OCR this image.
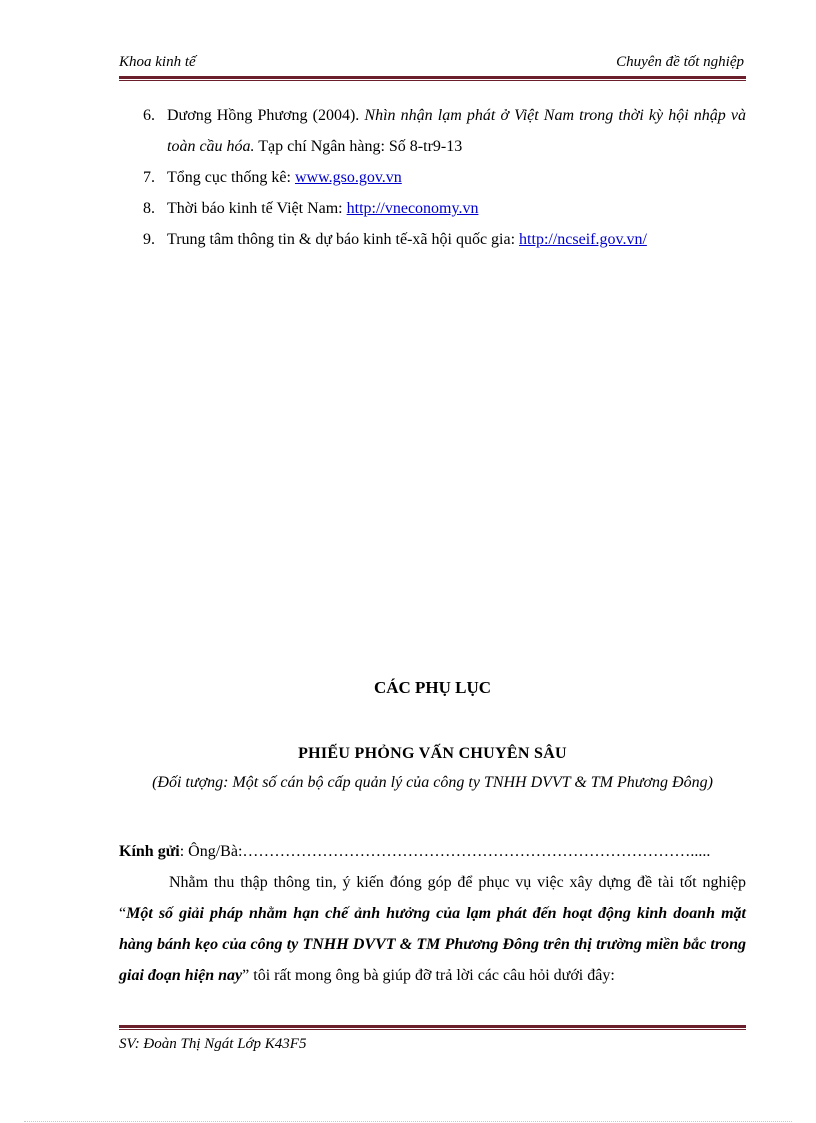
Khoa kinh tế	Chuyên đề tốt nghiệp
6. Dương Hồng Phương (2004). Nhìn nhận lạm phát ở Việt Nam trong thời kỳ hội nhập và toàn cầu hóa. Tạp chí Ngân hàng: Số 8-tr9-13
7. Tổng cục thống kê: www.gso.gov.vn
8. Thời báo kinh tế Việt Nam: http://vneconomy.vn
9. Trung tâm thông tin & dự báo kinh tế-xã hội quốc gia: http://ncseif.gov.vn/
CÁC PHỤ LỤC
PHIẾU PHỎNG VẤN CHUYÊN SÂU
(Đối tượng: Một số cán bộ cấp quản lý của công ty TNHH DVVT & TM Phương Đông)

Kính gửi: Ông/Bà:………………………………………………………………………….....

Nhằm thu thập thông tin, ý kiến đóng góp để phục vụ việc xây dựng đề tài tốt nghiệp “Một số giải pháp nhằm hạn chế ảnh hưởng của lạm phát đến hoạt động kinh doanh mặt hàng bánh kẹo của công ty TNHH DVVT & TM Phương Đông trên thị trường miền bắc trong giai đoạn hiện nay” tôi rất mong ông bà giúp đỡ trả lời các câu hỏi dưới đây:

SV: Đoàn Thị Ngát Lớp K43F5
